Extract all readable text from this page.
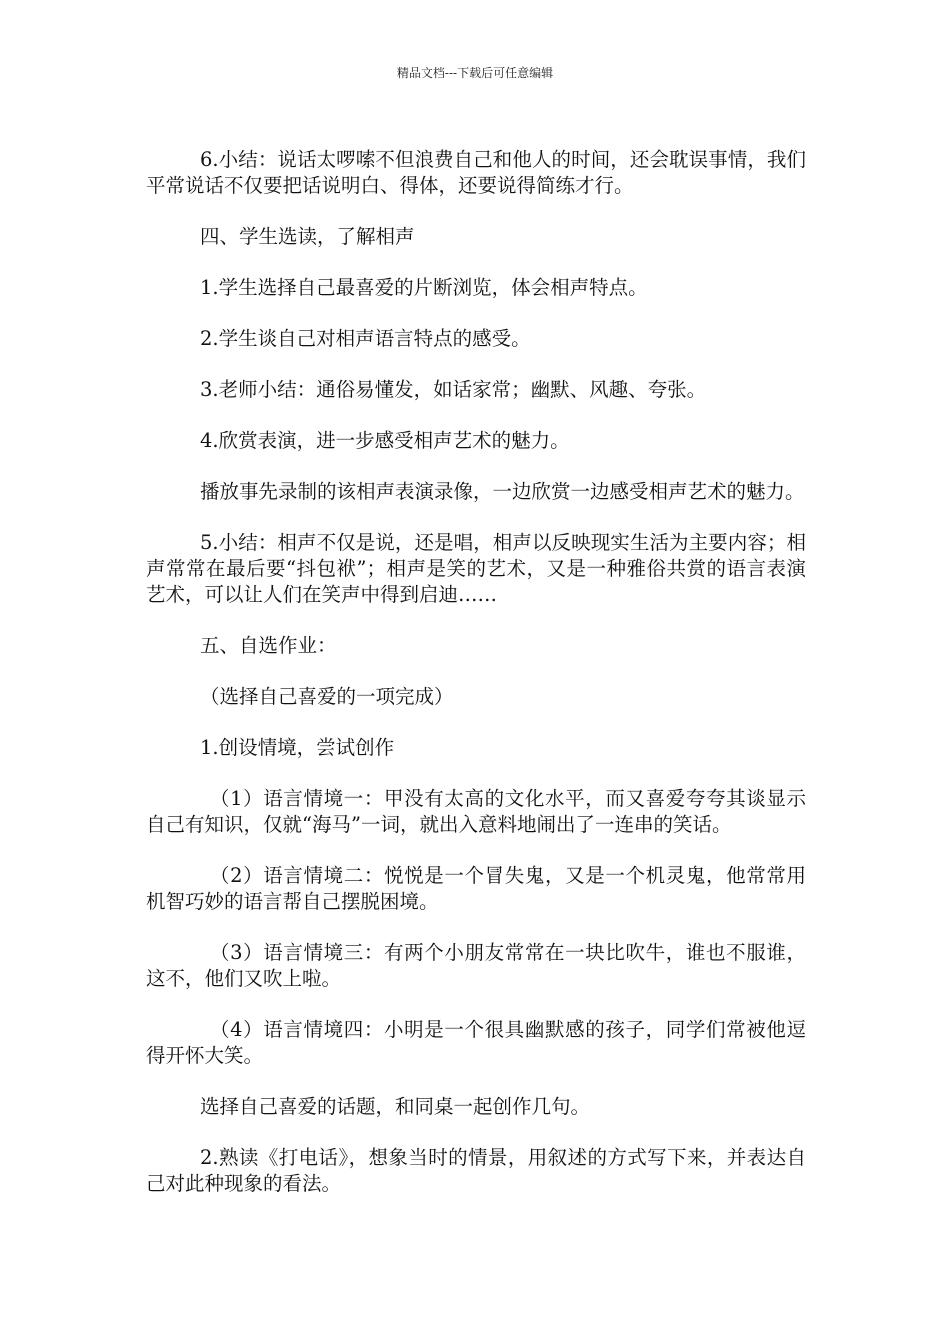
精品文档---下载后可任意编辑

6.小结：说话太啰嗦不但浪费自己和他人的时间，还会耽误事情，我们平常说话不仅要把话说明白、得体，还要说得简练才行。

四、学生选读，了解相声

1.学生选择自己最喜爱的片断浏览，体会相声特点。

2.学生谈自己对相声语言特点的感受。

3.老师小结：通俗易懂发，如话家常；幽默、风趣、夸张。

4.欣赏表演，进一步感受相声艺术的魅力。

播放事先录制的该相声表演录像，一边欣赏一边感受相声艺术的魅力。

5.小结：相声不仅是说，还是唱，相声以反映现实生活为主要内容；相声常常在最后要“抖包袱”；相声是笑的艺术，又是一种雅俗共赏的语言表演艺术，可以让人们在笑声中得到启迪……

五、自选作业：

（选择自己喜爱的一项完成）

1.创设情境，尝试创作

（1）语言情境一：甲没有太高的文化水平，而又喜爱夸夸其谈显示自己有知识，仅就“海马”一词，就出入意料地闹出了一连串的笑话。

（2）语言情境二：悦悦是一个冒失鬼，又是一个机灵鬼，他常常用机智巧妙的语言帮自己摆脱困境。

（3）语言情境三：有两个小朋友常常在一块比吹牛，谁也不服谁，这不，他们又吹上啦。

（4）语言情境四：小明是一个很具幽默感的孩子，同学们常被他逗得开怀大笑。

选择自己喜爱的话题，和同桌一起创作几句。

2.熟读《打电话》，想象当时的情景，用叙述的方式写下来，并表达自己对此种现象的看法。
